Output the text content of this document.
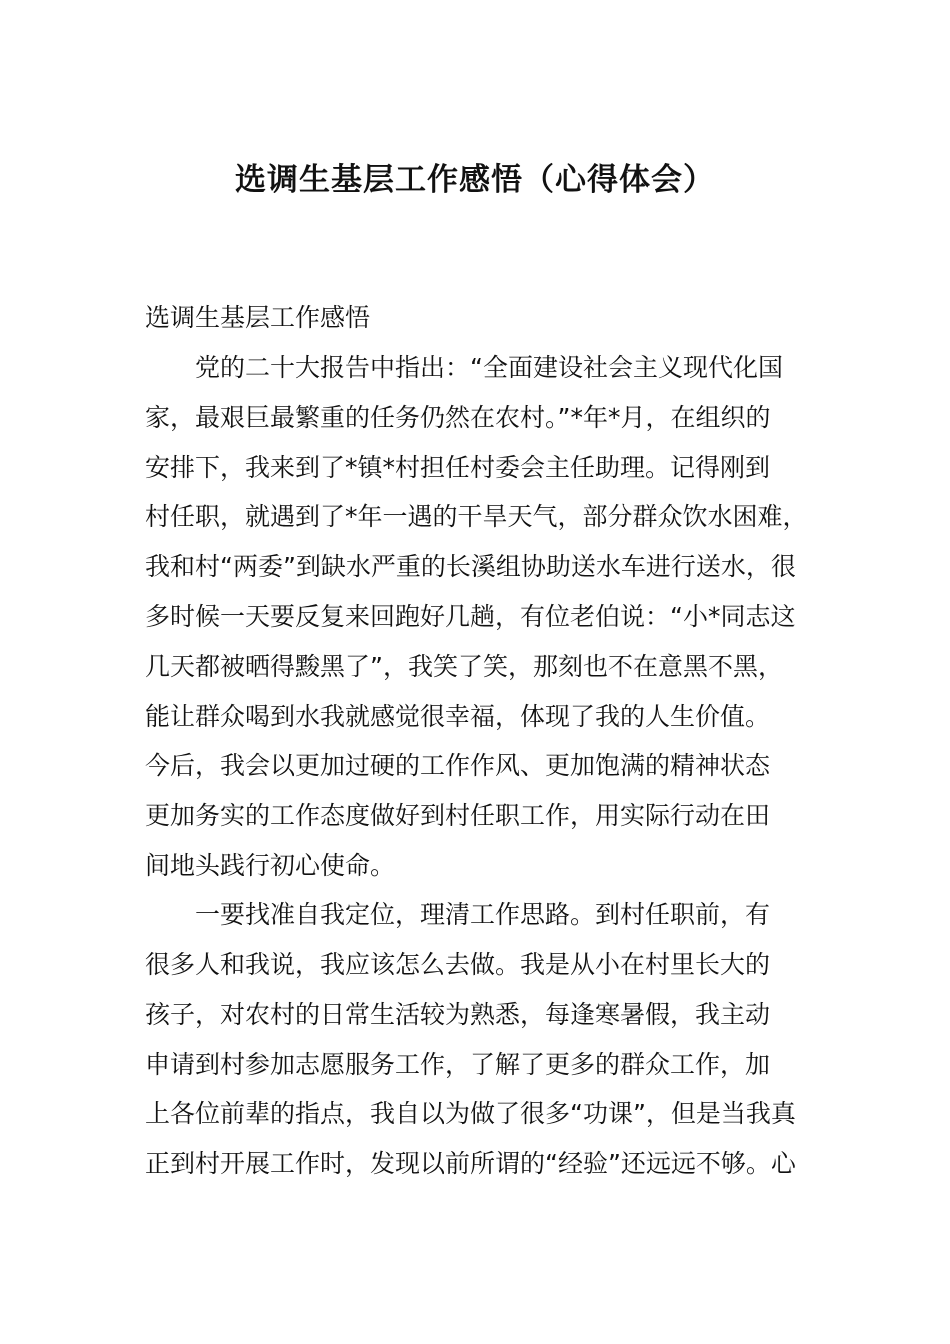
选调生基层工作感悟（心得体会）

选调生基层工作感悟

　　党的二十大报告中指出：“全面建设社会主义现代化国

家，最艰巨最繁重的任务仍然在农村。”*年*月，在组织的

安排下，我来到了*镇*村担任村委会主任助理。记得刚到

村任职，就遇到了*年一遇的干旱天气，部分群众饮水困难，

我和村“两委”到缺水严重的长溪组协助送水车进行送水，很

多时候一天要反复来回跑好几趟，有位老伯说：“小*同志这

几天都被晒得黢黑了”，我笑了笑，那刻也不在意黑不黑，

能让群众喝到水我就感觉很幸福，体现了我的人生价值。

今后，我会以更加过硬的工作作风、更加饱满的精神状态

更加务实的工作态度做好到村任职工作，用实际行动在田

间地头践行初心使命。

　　一要找准自我定位，理清工作思路。到村任职前，有

很多人和我说，我应该怎么去做。我是从小在村里长大的

孩子，对农村的日常生活较为熟悉，每逢寒暑假，我主动

申请到村参加志愿服务工作，了解了更多的群众工作，加

上各位前辈的指点，我自以为做了很多“功课”，但是当我真

正到村开展工作时，发现以前所谓的“经验”还远远不够。心
